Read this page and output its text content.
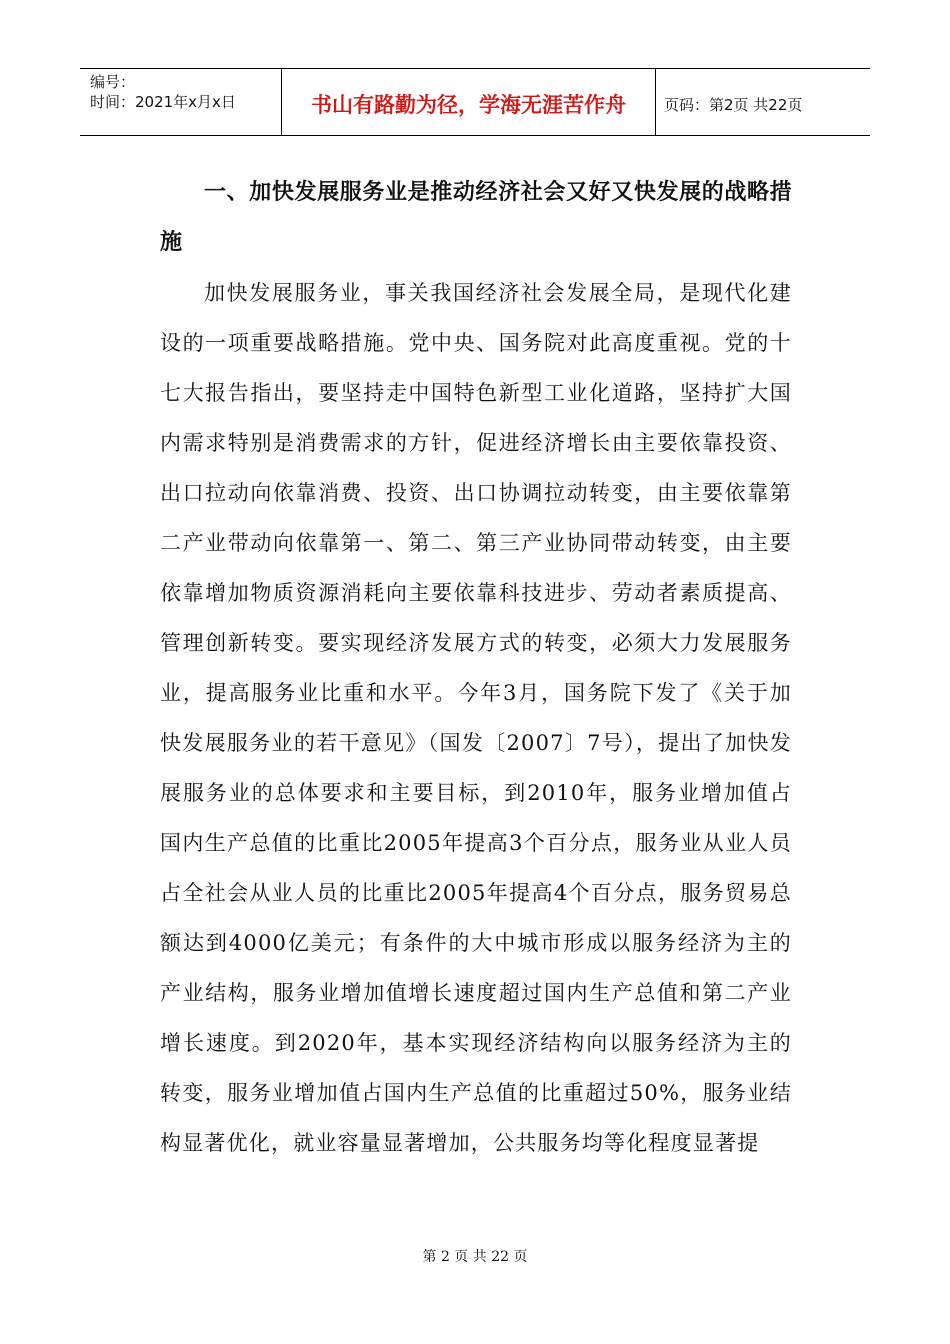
编号：
时间：2021年x月x日	书山有路勤为径，学海无涯苦作舟	页码：第2页 共22页

一、加快发展服务业是推动经济社会又好又快发展的战略措施

加快发展服务业，事关我国经济社会发展全局，是现代化建设的一项重要战略措施。党中央、国务院对此高度重视。党的十七大报告指出，要坚持走中国特色新型工业化道路，坚持扩大国内需求特别是消费需求的方针，促进经济增长由主要依靠投资、出口拉动向依靠消费、投资、出口协调拉动转变，由主要依靠第二产业带动向依靠第一、第二、第三产业协同带动转变，由主要依靠增加物质资源消耗向主要依靠科技进步、劳动者素质提高、管理创新转变。要实现经济发展方式的转变，必须大力发展服务业，提高服务业比重和水平。今年3月，国务院下发了《关于加快发展服务业的若干意见》（国发〔2007〕7号），提出了加快发展服务业的总体要求和主要目标，到2010年，服务业增加值占国内生产总值的比重比2005年提高3个百分点，服务业从业人员占全社会从业人员的比重比2005年提高4个百分点，服务贸易总额达到4000亿美元；有条件的大中城市形成以服务经济为主的产业结构，服务业增加值增长速度超过国内生产总值和第二产业增长速度。到2020年，基本实现经济结构向以服务经济为主的转变，服务业增加值占国内生产总值的比重超过50%，服务业结构显著优化，就业容量显著增加，公共服务均等化程度显著提

第 2 页 共 22 页
